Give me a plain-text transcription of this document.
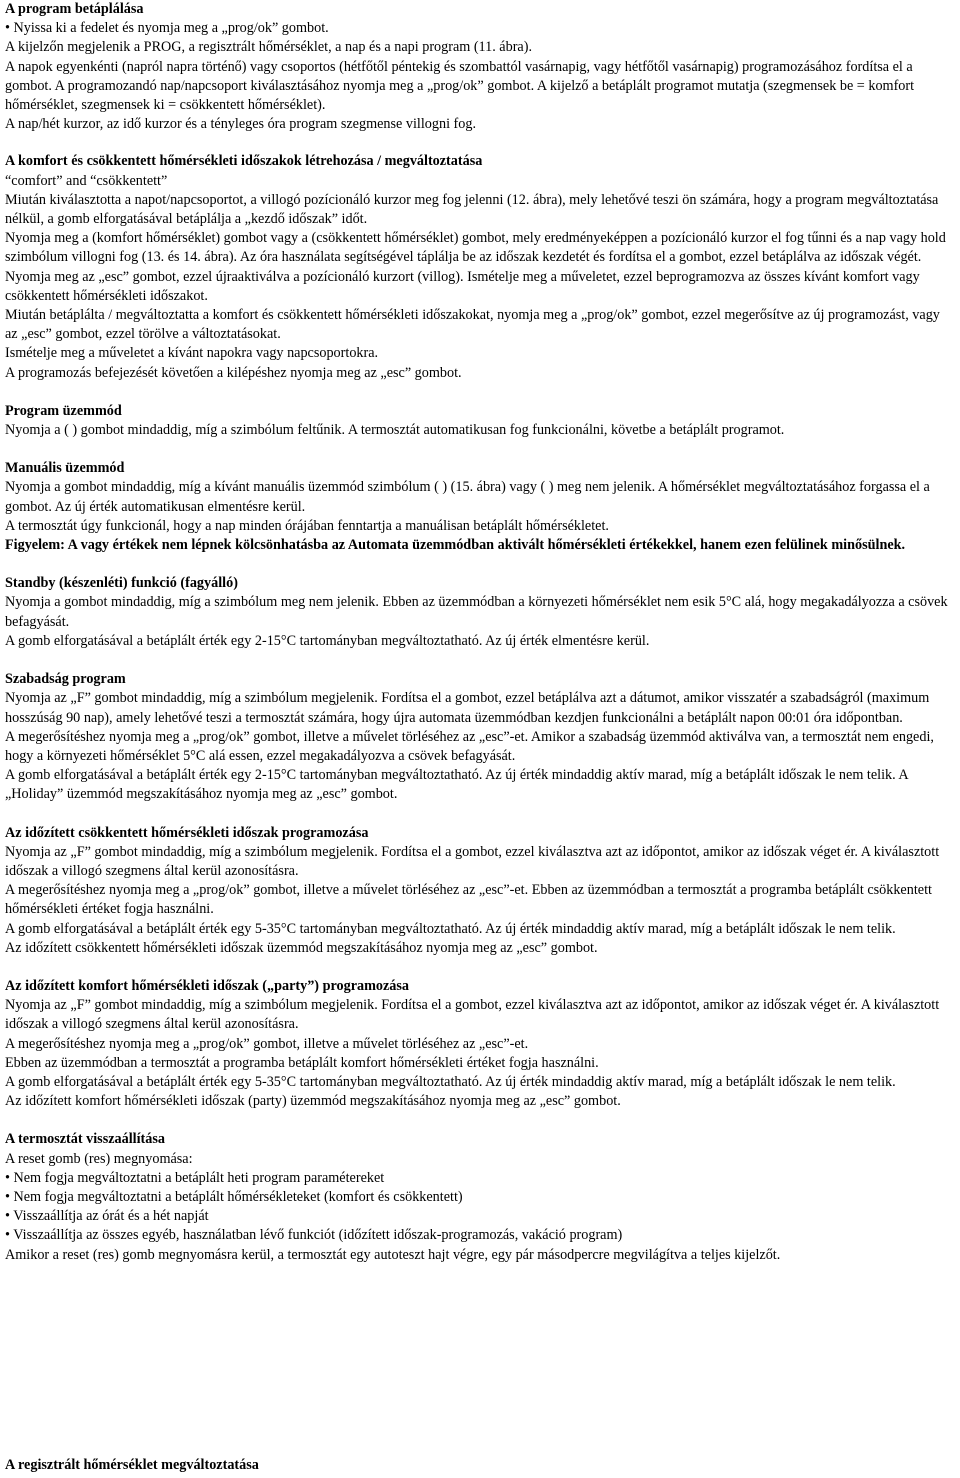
A program betáplálása

• Nyissa ki a fedelet és nyomja meg a „prog/ok” gombot.

A kijelzőn megjelenik a PROG, a regisztrált hőmérséklet, a nap és a napi program (11. ábra).

A napok egyenkénti (napról napra történő) vagy csoportos (hétfőtől péntekig és szombattól vasárnapig, vagy hétfőtől vasárnapig) programozásához fordítsa el a gombot. A programozandó nap/napcsoport kiválasztásához nyomja meg a „prog/ok” gombot. A kijelző a betáplált programot mutatja (szegmensek be = komfort hőmérséklet, szegmensek ki = csökkentett hőmérséklet).

A nap/hét kurzor, az idő kurzor és a tényleges óra program szegmense villogni fog.

A komfort és csökkentett hőmérsékleti időszakok létrehozása / megváltoztatása

“comfort” and “csökkentett”

Miután kiválasztotta a napot/napcsoportot, a villogó pozícionáló kurzor meg fog jelenni (12. ábra), mely lehetővé teszi ön számára, hogy a program megváltoztatása nélkül, a gomb elforgatásával betáplálja a „kezdő időszak” időt.

Nyomja meg a (komfort hőmérséklet) gombot vagy a (csökkentett hőmérséklet) gombot, mely eredményeképpen a pozícionáló kurzor el fog tűnni és a nap vagy hold szimbólum villogni fog (13. és 14. ábra). Az óra használata segítségével táplálja be az időszak kezdetét és fordítsa el a gombot, ezzel betáplálva az időszak végét. Nyomja meg az „esc” gombot, ezzel újraaktiválva a pozícionáló kurzort (villog). Ismételje meg a műveletet, ezzel beprogramozva az összes kívánt komfort vagy csökkentett hőmérsékleti időszakot.

Miután betáplálta / megváltoztatta a komfort és csökkentett hőmérsékleti időszakokat, nyomja meg a „prog/ok” gombot, ezzel megerősítve az új programozást, vagy az „esc” gombot, ezzel törölve a változtatásokat.

Ismételje meg a műveletet a kívánt napokra vagy napcsoportokra.

A programozás befejezését követően a kilépéshez nyomja meg az „esc” gombot.

Program üzemmód

Nyomja a ( ) gombot mindaddig, míg a szimbólum feltűnik. A termosztát automatikusan fog funkcionálni, követbe a betáplált programot.

Manuális üzemmód

Nyomja a gombot mindaddig, míg a kívánt manuális üzemmód szimbólum ( ) (15. ábra) vagy ( ) meg nem jelenik. A hőmérséklet megváltoztatásához forgassa el a gombot. Az új érték automatikusan elmentésre kerül.

A termosztát úgy funkcionál, hogy a nap minden órájában fenntartja a manuálisan betáplált hőmérsékletet.

Figyelem: A vagy értékek nem lépnek kölcsönhatásba az Automata üzemmódban aktivált hőmérsékleti értékekkel, hanem ezen felülinek minősülnek.

Standby (készenléti) funkció (fagyálló)

Nyomja a gombot mindaddig, míg a szimbólum meg nem jelenik. Ebben az üzemmódban a környezeti hőmérséklet nem esik 5°C alá, hogy megakadályozza a csövek befagyását.

A gomb elforgatásával a betáplált érték egy 2-15°C tartományban megváltoztatható. Az új érték elmentésre kerül.

Szabadság program

Nyomja az „F” gombot mindaddig, míg a szimbólum megjelenik. Fordítsa el a gombot, ezzel betáplálva azt a dátumot, amikor visszatér a szabadságról (maximum hosszúság 90 nap), amely lehetővé teszi a termosztát számára, hogy újra automata üzemmódban kezdjen funkcionálni a betáplált napon 00:01 óra időpontban.

A megerősítéshez nyomja meg a „prog/ok” gombot, illetve a művelet törléséhez az „esc”-et. Amikor a szabadság üzemmód aktiválva van, a termosztát nem engedi, hogy a környezeti hőmérséklet 5°C alá essen, ezzel megakadályozva a csövek befagyását.

A gomb elforgatásával a betáplált érték egy 2-15°C tartományban megváltoztatható. Az új érték mindaddig aktív marad, míg a betáplált időszak le nem telik. A „Holiday” üzemmód megszakításához nyomja meg az „esc” gombot.

Az időzített csökkentett hőmérsékleti időszak programozása

Nyomja az „F” gombot mindaddig, míg a szimbólum megjelenik. Fordítsa el a gombot, ezzel kiválasztva azt az időpontot, amikor az időszak véget ér. A kiválasztott időszak a villogó szegmens által kerül azonosításra.

A megerősítéshez nyomja meg a „prog/ok” gombot, illetve a művelet törléséhez az „esc”-et. Ebben az üzemmódban a termosztát a programba betáplált csökkentett hőmérsékleti értéket fogja használni.

A gomb elforgatásával a betáplált érték egy 5-35°C tartományban megváltoztatható. Az új érték mindaddig aktív marad, míg a betáplált időszak le nem telik.

Az időzített csökkentett hőmérsékleti időszak üzemmód megszakításához nyomja meg az „esc” gombot.

Az időzített komfort hőmérsékleti időszak („party”) programozása

Nyomja az „F” gombot mindaddig, míg a szimbólum megjelenik. Fordítsa el a gombot, ezzel kiválasztva azt az időpontot, amikor az időszak véget ér. A kiválasztott időszak a villogó szegmens által kerül azonosításra.

A megerősítéshez nyomja meg a „prog/ok” gombot, illetve a művelet törléséhez az „esc”-et.

Ebben az üzemmódban a termosztát a programba betáplált komfort hőmérsékleti értéket fogja használni.

A gomb elforgatásával a betáplált érték egy 5-35°C tartományban megváltoztatható. Az új érték mindaddig aktív marad, míg a betáplált időszak le nem telik.

Az időzített komfort hőmérsékleti időszak (party) üzemmód megszakításához nyomja meg az „esc” gombot.

A termosztát visszaállítása

A reset gomb (res) megnyomása:

• Nem fogja megváltoztatni a betáplált heti program paramétereket

• Nem fogja megváltoztatni a betáplált hőmérsékleteket (komfort és csökkentett)

• Visszaállítja az órát és a hét napját

• Visszaállítja az összes egyéb, használatban lévő funkciót (időzített időszak-programozás, vakáció program)

Amikor a reset (res) gomb megnyomásra kerül, a termosztát egy autoteszt hajt végre, egy pár másodpercre megvilágítva a teljes kijelzőt.

A regisztrált hőmérséklet megváltoztatása
